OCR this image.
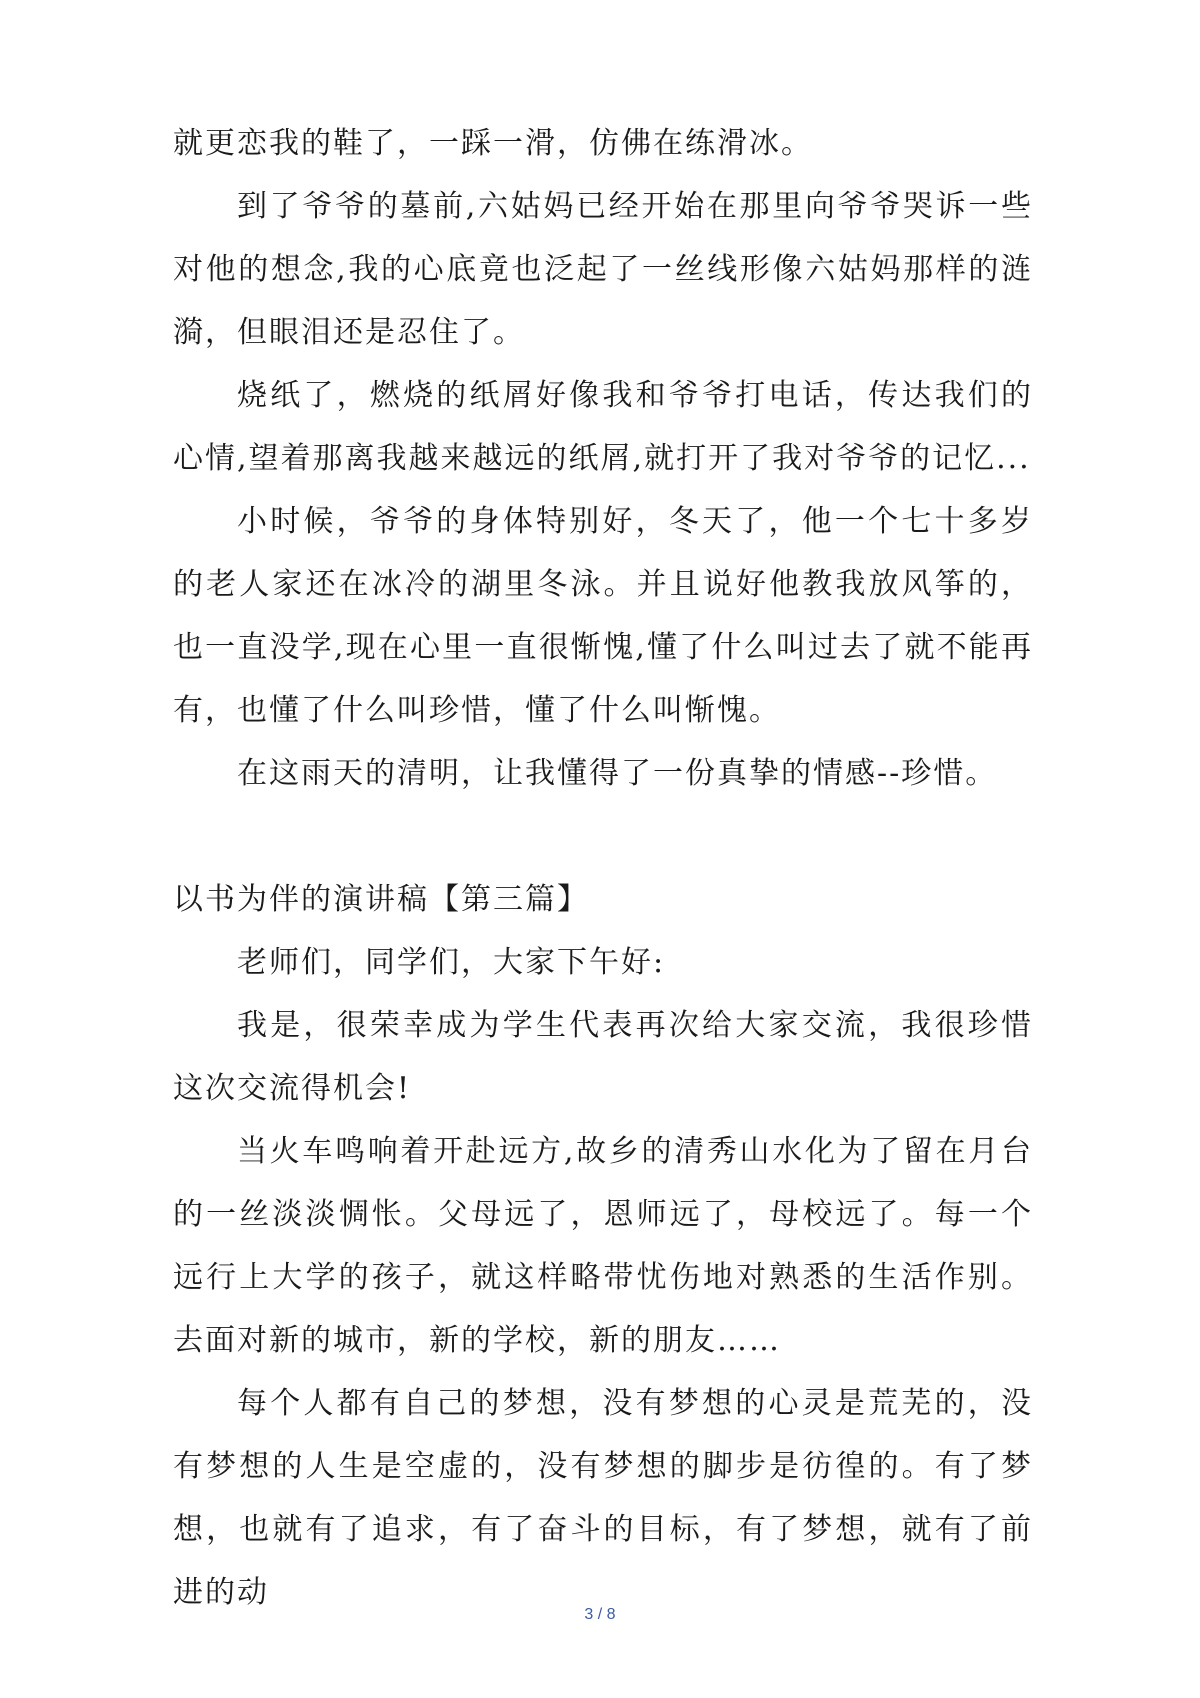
就更恋我的鞋了，一踩一滑，仿佛在练滑冰。

到了爷爷的墓前,六姑妈已经开始在那里向爷爷哭诉一些对他的想念,我的心底竟也泛起了一丝线形像六姑妈那样的涟漪，但眼泪还是忍住了。

烧纸了，燃烧的纸屑好像我和爷爷打电话，传达我们的心情,望着那离我越来越远的纸屑,就打开了我对爷爷的记忆...

小时候，爷爷的身体特别好，冬天了，他一个七十多岁的老人家还在冰冷的湖里冬泳。并且说好他教我放风筝的，也一直没学,现在心里一直很惭愧,懂了什么叫过去了就不能再有，也懂了什么叫珍惜，懂了什么叫惭愧。

在这雨天的清明，让我懂得了一份真挚的情感--珍惜。

以书为伴的演讲稿【第三篇】

老师们，同学们，大家下午好:

我是，很荣幸成为学生代表再次给大家交流，我很珍惜这次交流得机会!

当火车鸣响着开赴远方,故乡的清秀山水化为了留在月台的一丝淡淡惆怅。父母远了，恩师远了，母校远了。每一个远行上大学的孩子，就这样略带忧伤地对熟悉的生活作别。去面对新的城市，新的学校，新的朋友……

每个人都有自己的梦想，没有梦想的心灵是荒芜的，没有梦想的人生是空虚的，没有梦想的脚步是彷徨的。有了梦想，也就有了追求，有了奋斗的目标，有了梦想，就有了前进的动

3 / 8
